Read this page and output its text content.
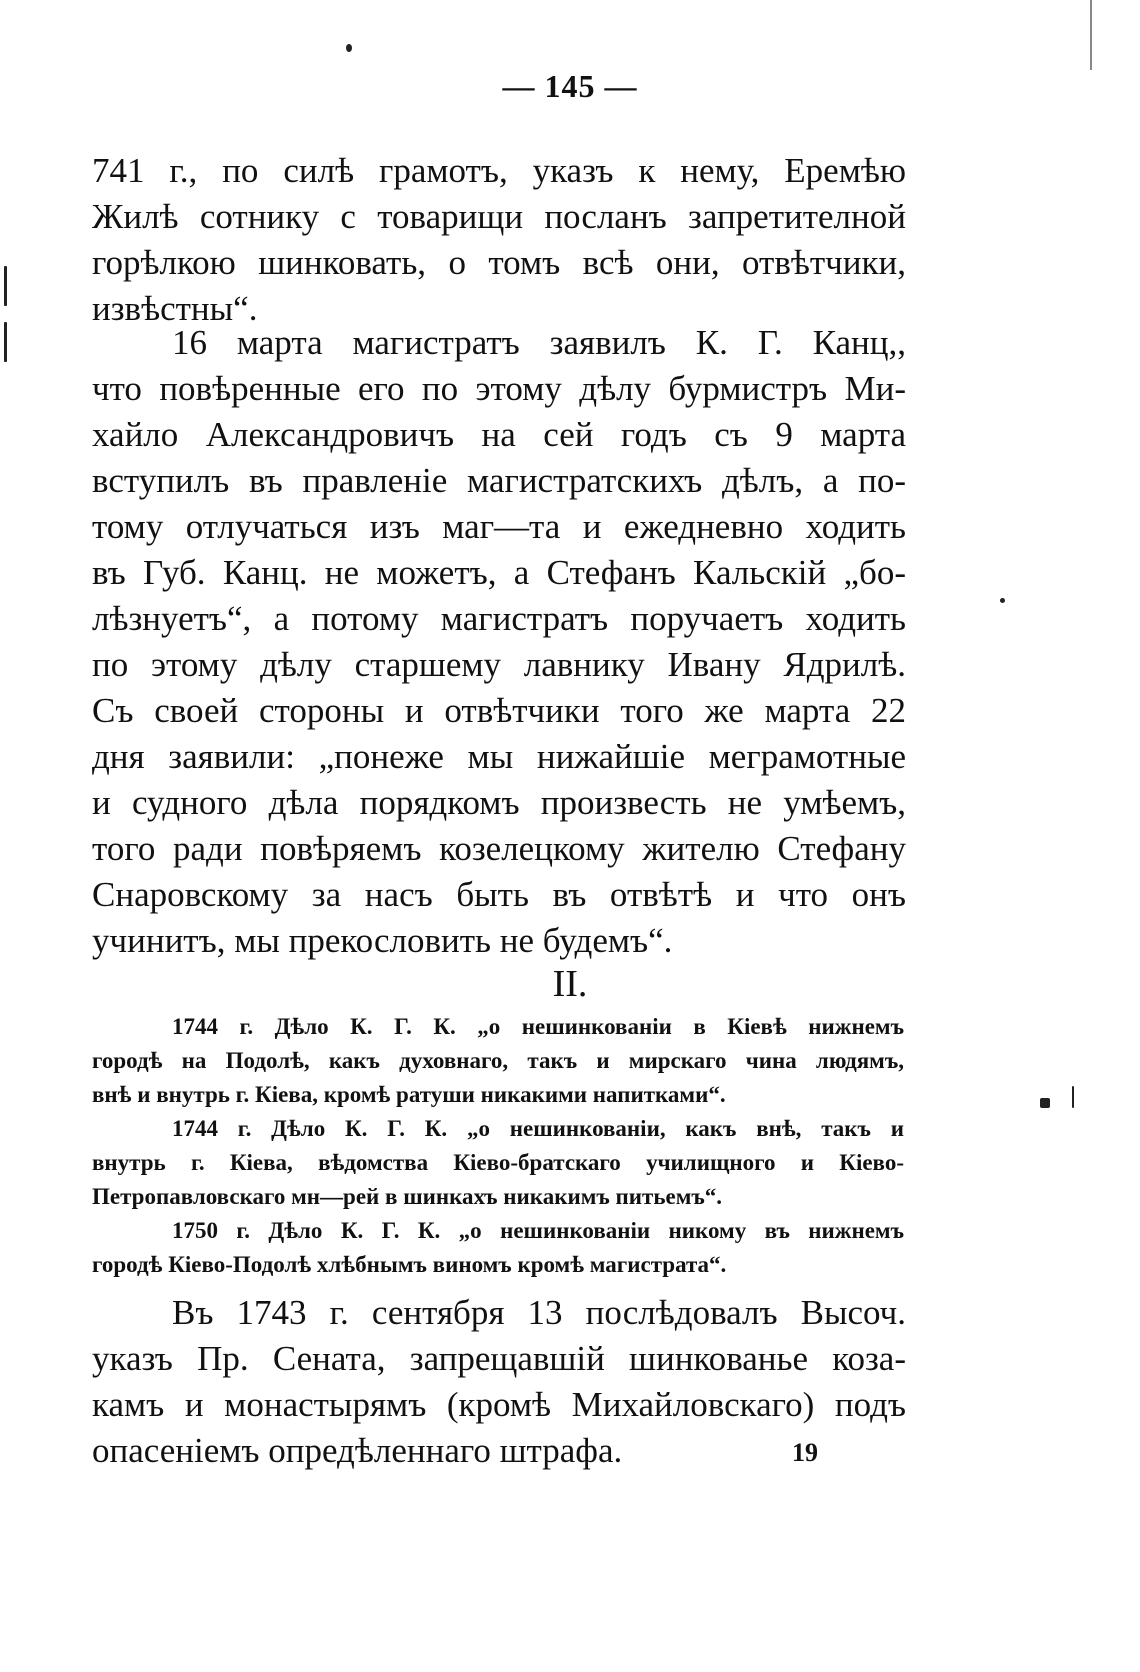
— 145 —
741 г., по силѣ грамотъ, указъ к нему, Еремѣю
Жилѣ сотнику с товарищи посланъ запретителной
горѣлкою шинковать, о томъ всѣ они, отвѣтчики,
извѣстны“.
16 марта магистратъ заявилъ К. Г. Канц,,
что повѣренные его по этому дѣлу бурмистръ Ми-
хайло Александровичъ на сей годъ съ 9 марта
вступилъ въ правленіе магистратскихъ дѣлъ, а по-
тому отлучаться изъ маг—та и ежедневно ходить
въ Губ. Канц. не можетъ, а Стефанъ Кальскій „бо-
лѣзнуетъ“, а потому магистратъ поручаетъ ходить
по этому дѣлу старшему лавнику Ивану Ядрилѣ.
Съ своей стороны и отвѣтчики того же марта 22
дня заявили: „понеже мы нижайшіе меграмотные
и судного дѣла порядкомъ произвесть не умѣемъ,
того ради повѣряемъ козелецкому жителю Стефану
Снаровскому за насъ быть въ отвѣтѣ и что онъ
учинитъ, мы прекословить не будемъ“.
II.
1744 г. Дѣло К. Г. К. „о нешинкованіи в Кіевѣ нижнемъ
городѣ на Подолѣ, какъ духовнаго, такъ и мирскаго чина людямъ,
внѣ и внутрь г. Кіева, кромѣ ратуши никакими напитками“.
1744 г. Дѣло К. Г. К. „о нешинкованіи, какъ внѣ, такъ и
внутрь г. Кіева, вѣдомства Кіево-братскаго училищного и Кіево-
Петропавловскаго мн—рей в шинкахъ никакимъ питьемъ“.
1750 г. Дѣло К. Г. К. „о нешинкованіи никому въ нижнемъ
городѣ Кіево-Подолѣ хлѣбнымъ виномъ кромѣ магистрата“.
Въ 1743 г. сентября 13 послѣдовалъ Высоч.
указъ Пр. Сената, запрещавшій шинкованье коза-
камъ и монастырямъ (кромѣ Михайловскаго) подъ
опасеніемъ опредѣленнаго штрафа.	19
